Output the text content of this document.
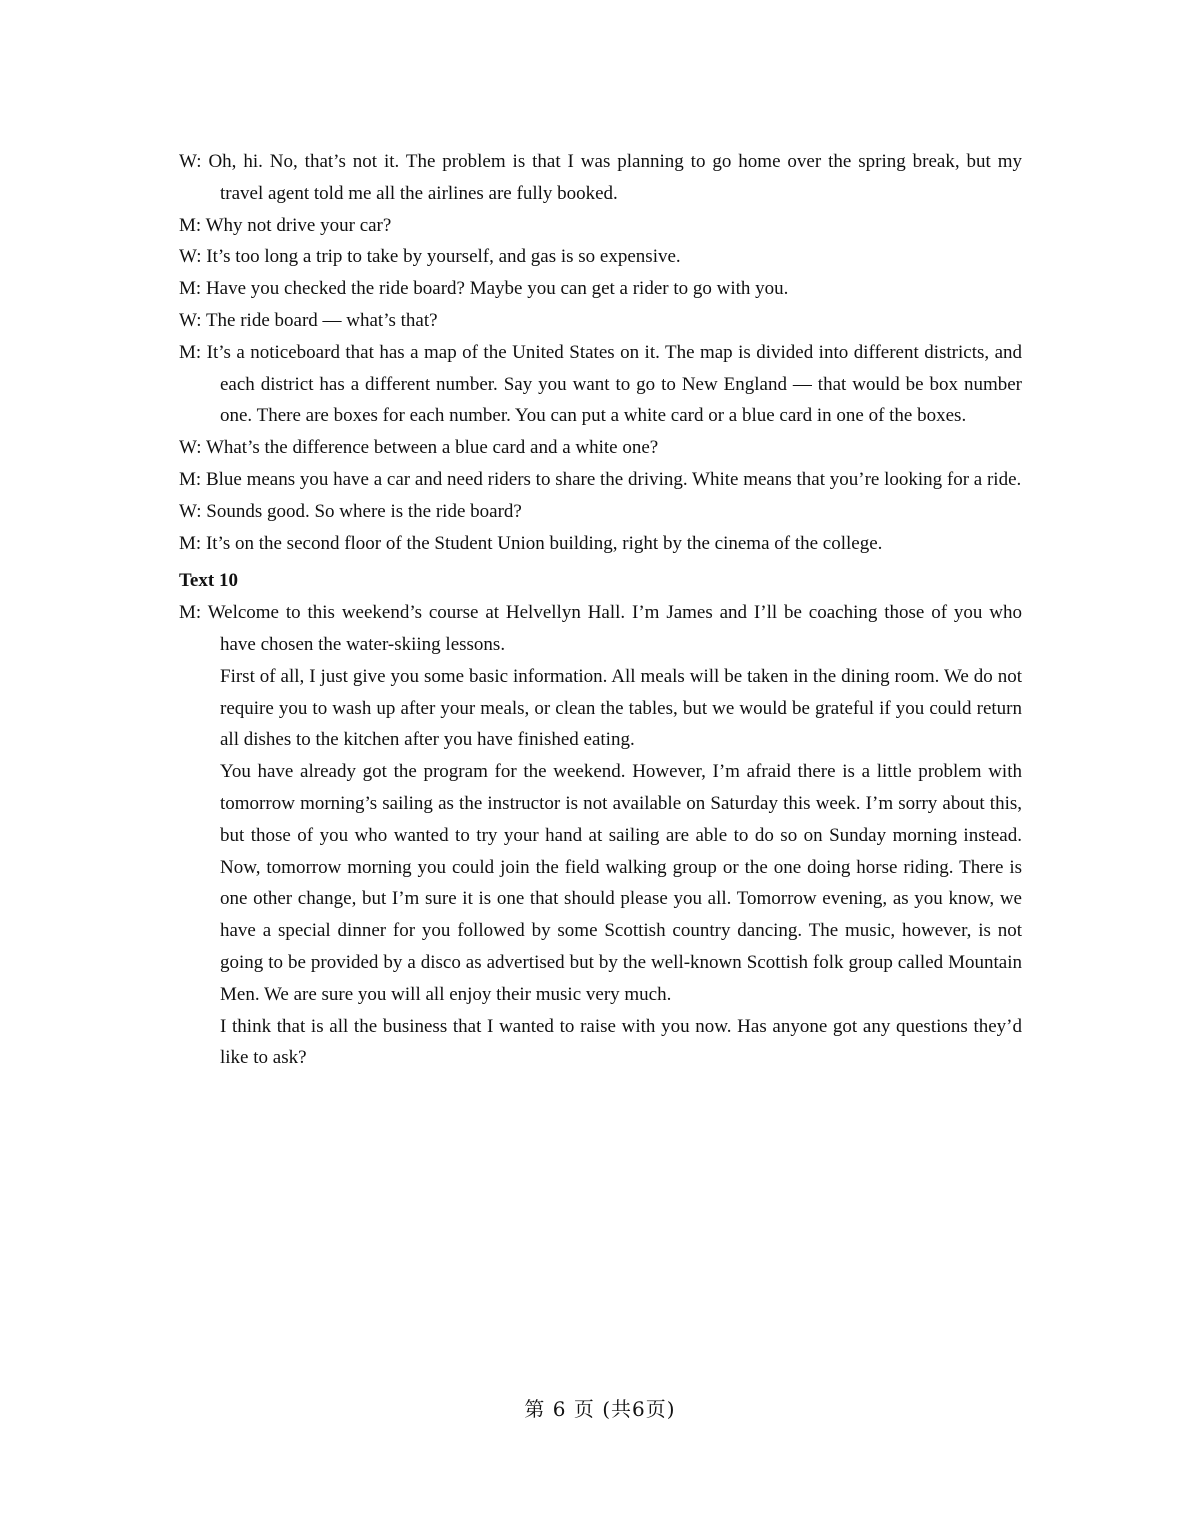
W: Oh, hi. No, that’s not it. The problem is that I was planning to go home over the spring break, but my travel agent told me all the airlines are fully booked.

M: Why not drive your car?

W: It’s too long a trip to take by yourself, and gas is so expensive.

M: Have you checked the ride board? Maybe you can get a rider to go with you.

W: The ride board — what’s that?

M: It’s a noticeboard that has a map of the United States on it. The map is divided into different districts, and each district has a different number. Say you want to go to New England — that would be box number one. There are boxes for each number. You can put a white card or a blue card in one of the boxes.

W: What’s the difference between a blue card and a white one?

M: Blue means you have a car and need riders to share the driving. White means that you’re looking for a ride.

W: Sounds good. So where is the ride board?

M: It’s on the second floor of the Student Union building, right by the cinema of the college.

Text 10

M: Welcome to this weekend’s course at Helvellyn Hall. I’m James and I’ll be coaching those of you who have chosen the water-skiing lessons.

First of all, I just give you some basic information. All meals will be taken in the dining room. We do not require you to wash up after your meals, or clean the tables, but we would be grateful if you could return all dishes to the kitchen after you have finished eating.

You have already got the program for the weekend. However, I’m afraid there is a little problem with tomorrow morning’s sailing as the instructor is not available on Saturday this week. I’m sorry about this, but those of you who wanted to try your hand at sailing are able to do so on Sunday morning instead. Now, tomorrow morning you could join the field walking group or the one doing horse riding. There is one other change, but I’m sure it is one that should please you all. Tomorrow evening, as you know, we have a special dinner for you followed by some Scottish country dancing. The music, however, is not going to be provided by a disco as advertised but by the well-known Scottish folk group called Mountain Men. We are sure you will all enjoy their music very much.

I think that is all the business that I wanted to raise with you now. Has anyone got any questions they’d like to ask?

第 6 页 (共6页)
